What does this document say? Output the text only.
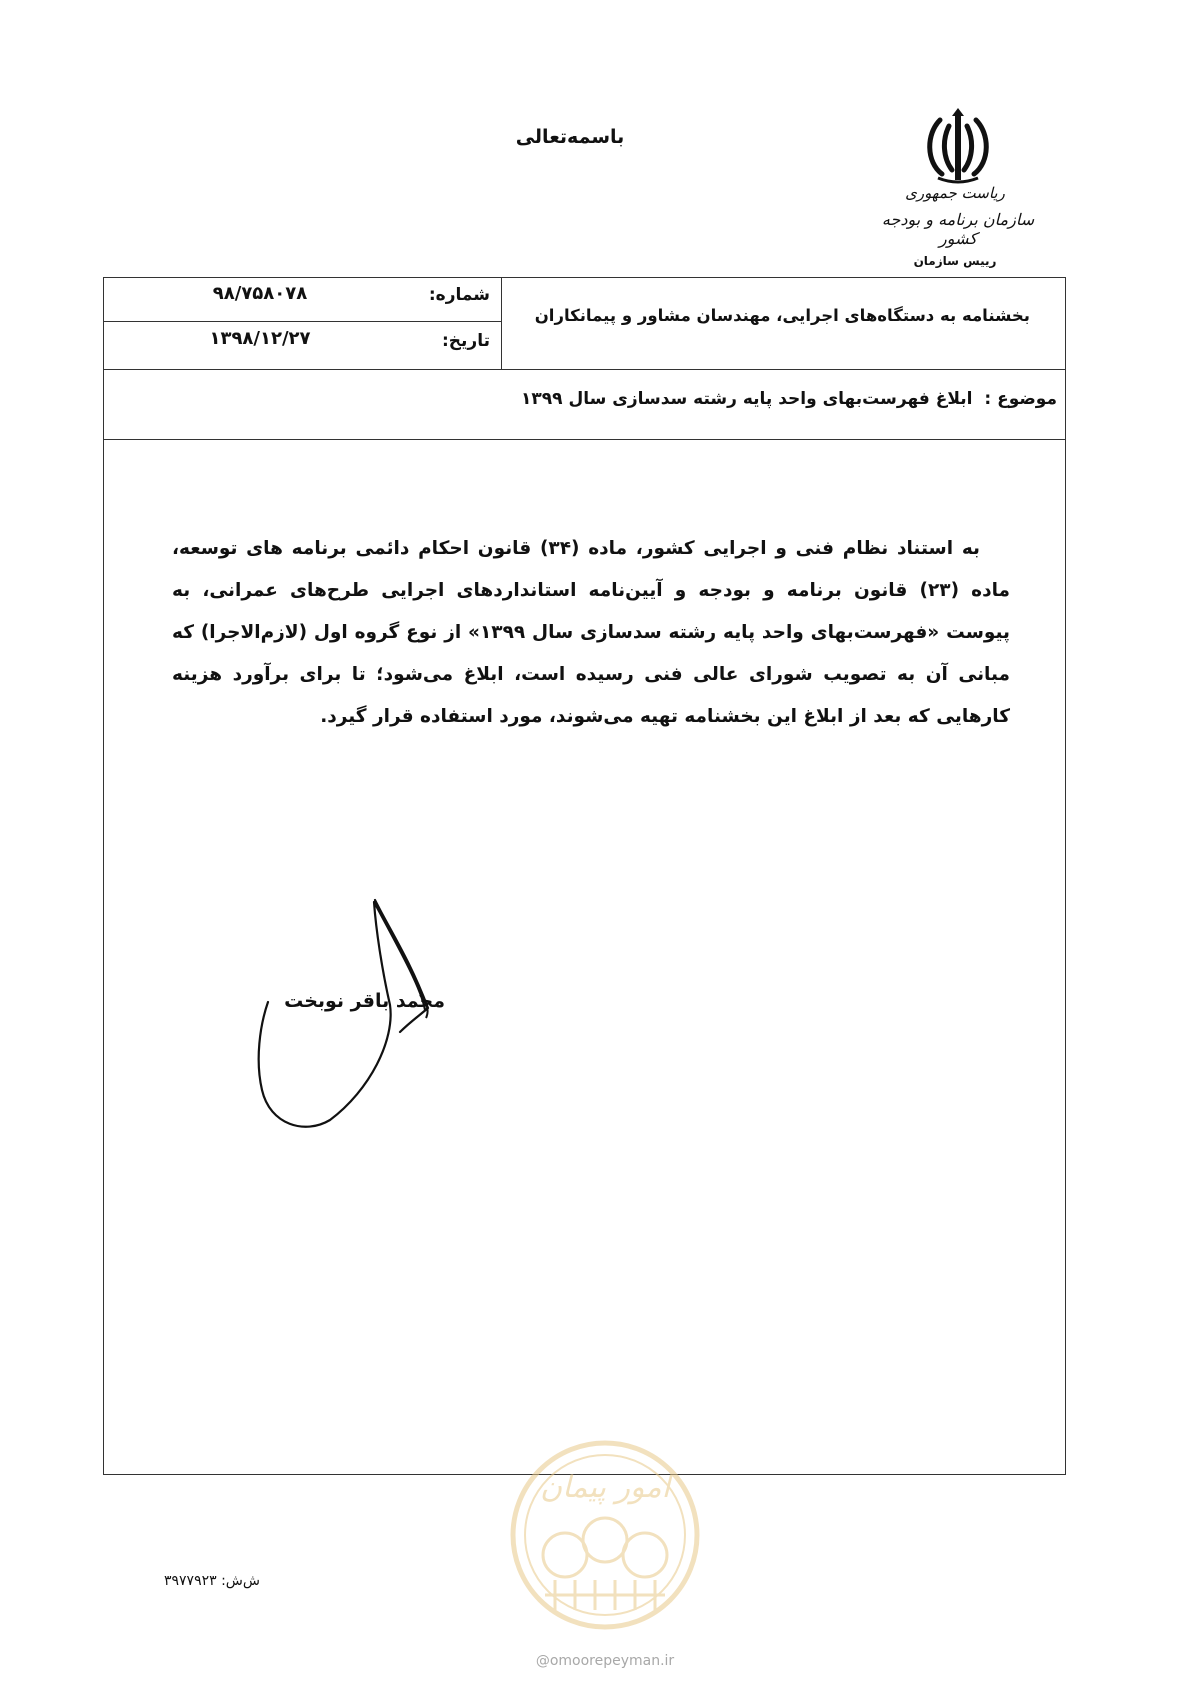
باسمه‌تعالی
ریاست جمهوری
سازمان برنامه و بودجه کشور
رییس سازمان
شماره:
۹۸/۷۵۸۰۷۸
تاریخ:
۱۳۹۸/۱۲/۲۷
بخشنامه به دستگاه‌های اجرایی، مهندسان مشاور و پیمانکاران
موضوع : ابلاغ فهرست‌بهای واحد پایه رشته سدسازی سال ۱۳۹۹

به استناد نظام فنی و اجرایی کشور، ماده (۳۴) قانون احکام دائمی برنامه های توسعه، ماده (۲۳) قانون برنامه و بودجه و آیین‌نامه استانداردهای اجرایی طرح‌های عمرانی، به پیوست «فهرست‌بهای واحد پایه رشته سدسازی سال ۱۳۹۹» از نوع گروه اول (لازم‌الاجرا) که مبانی آن به تصویب شورای عالی فنی رسیده است، ابلاغ می‌شود؛ تا برای برآورد هزینه کارهایی که بعد از ابلاغ این بخشنامه تهیه می‌شوند، مورد استفاده قرار گیرد.

محمد باقر نوبخت
امور پیمان
@omoorepeyman.ir
ش‌ش: ۳۹۷۷۹۲۳
